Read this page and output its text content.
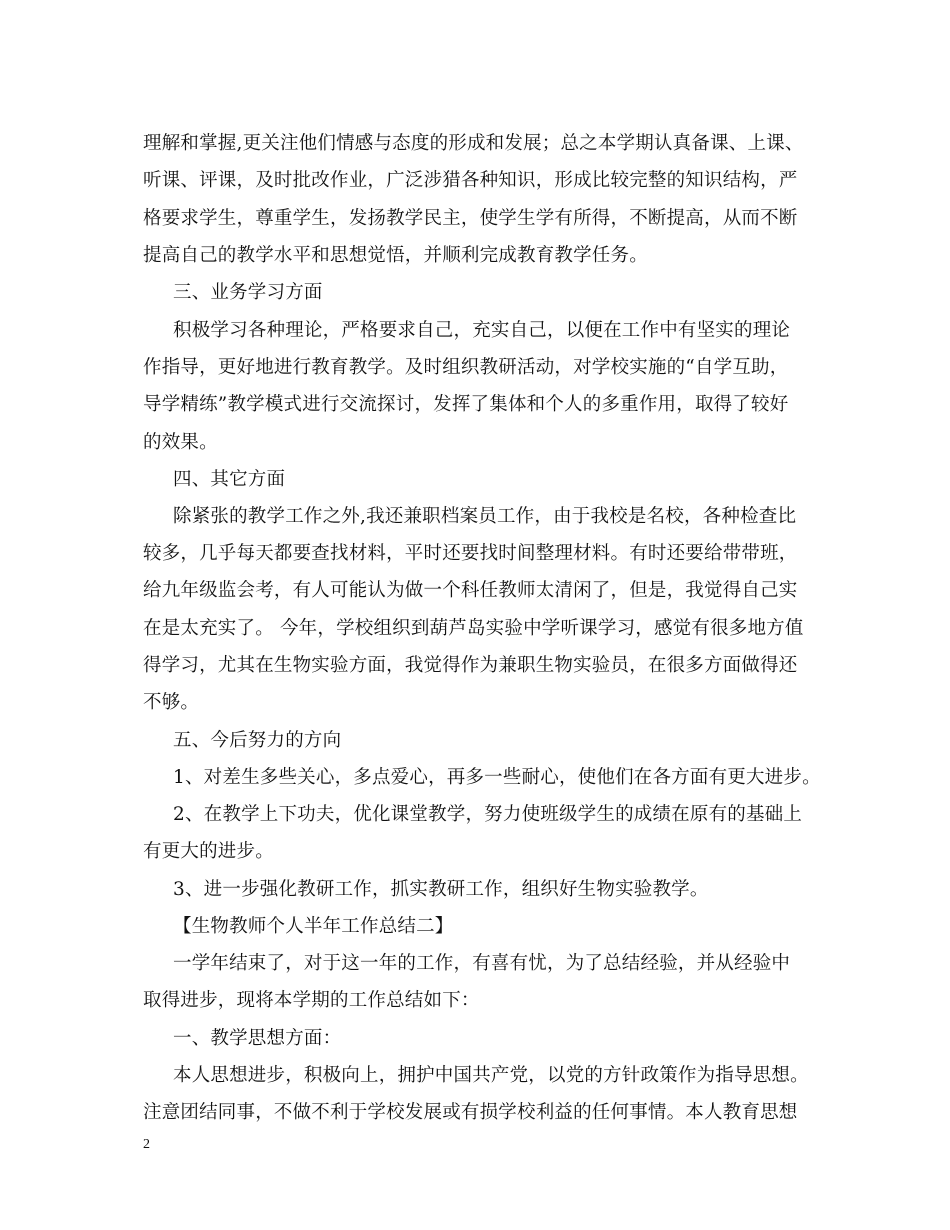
理解和掌握,更关注他们情感与态度的形成和发展；总之本学期认真备课、上课、
听课、评课，及时批改作业，广泛涉猎各种知识，形成比较完整的知识结构，严
格要求学生，尊重学生，发扬教学民主，使学生学有所得，不断提高，从而不断
提高自己的教学水平和思想觉悟，并顺利完成教育教学任务。
三、业务学习方面
积极学习各种理论，严格要求自己，充实自己，以便在工作中有坚实的理论
作指导，更好地进行教育教学。及时组织教研活动，对学校实施的“自学互助，
导学精练”教学模式进行交流探讨，发挥了集体和个人的多重作用，取得了较好
的效果。
四、其它方面
除紧张的教学工作之外,我还兼职档案员工作，由于我校是名校，各种检查比
较多，几乎每天都要查找材料，平时还要找时间整理材料。有时还要给带带班，
给九年级监会考，有人可能认为做一个科任教师太清闲了，但是，我觉得自己实
在是太充实了。 今年，学校组织到葫芦岛实验中学听课学习，感觉有很多地方值
得学习，尤其在生物实验方面，我觉得作为兼职生物实验员，在很多方面做得还
不够。
五、今后努力的方向
1、对差生多些关心，多点爱心，再多一些耐心，使他们在各方面有更大进步。
2、在教学上下功夫，优化课堂教学，努力使班级学生的成绩在原有的基础上
有更大的进步。
3、进一步强化教研工作，抓实教研工作，组织好生物实验教学。
【生物教师个人半年工作总结二】
一学年结束了，对于这一年的工作，有喜有忧，为了总结经验，并从经验中
取得进步，现将本学期的工作总结如下：
一、教学思想方面：
本人思想进步，积极向上，拥护中国共产党，以党的方针政策作为指导思想。
注意团结同事，不做不利于学校发展或有损学校利益的任何事情。本人教育思想
2
